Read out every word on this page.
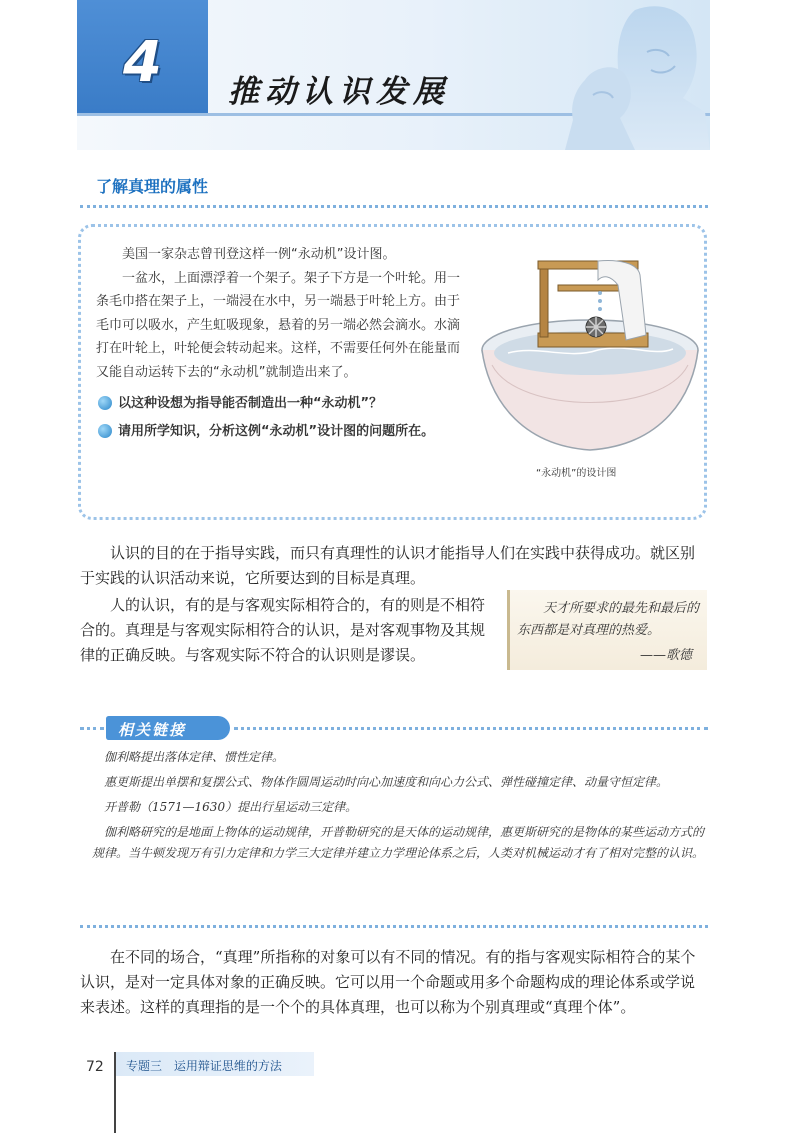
4	推动认识发展
了解真理的属性

美国一家杂志曾刊登这样一例“永动机”设计图。

一盆水，上面漂浮着一个架子。架子下方是一个叶轮。用一条毛巾搭在架子上，一端浸在水中，另一端悬于叶轮上方。由于毛巾可以吸水，产生虹吸现象，悬着的另一端必然会滴水。水滴打在叶轮上，叶轮便会转动起来。这样，不需要任何外在能量而又能自动运转下去的“永动机”就制造出来了。

以这种设想为指导能否制造出一种“永动机”？
请用所学知识，分析这例“永动机”设计图的问题所在。
“永动机”的设计图

认识的目的在于指导实践，而只有真理性的认识才能指导人们在实践中获得成功。就区别于实践的认识活动来说，它所要达到的目标是真理。

人的认识，有的是与客观实际相符合的，有的则是不相符合的。真理是与客观实际相符合的认识，是对客观事物及其规律的正确反映。与客观实际不符合的认识则是谬误。

天才所要求的最先和最后的东西都是对真理的热爱。
——歌德
相关链接

伽利略提出落体定律、惯性定律。

惠更斯提出单摆和复摆公式、物体作圆周运动时向心加速度和向心力公式、弹性碰撞定律、动量守恒定律。

开普勒（1571—1630）提出行星运动三定律。

伽利略研究的是地面上物体的运动规律，开普勒研究的是天体的运动规律，惠更斯研究的是物体的某些运动方式的规律。当牛顿发现万有引力定律和力学三大定律并建立力学理论体系之后，人类对机械运动才有了相对完整的认识。

在不同的场合，“真理”所指称的对象可以有不同的情况。有的指与客观实际相符合的某个认识，是对一定具体对象的正确反映。它可以用一个命题或用多个命题构成的理论体系或学说来表述。这样的真理指的是一个个的具体真理，也可以称为个别真理或“真理个体”。

72 专题三 运用辩证思维的方法
